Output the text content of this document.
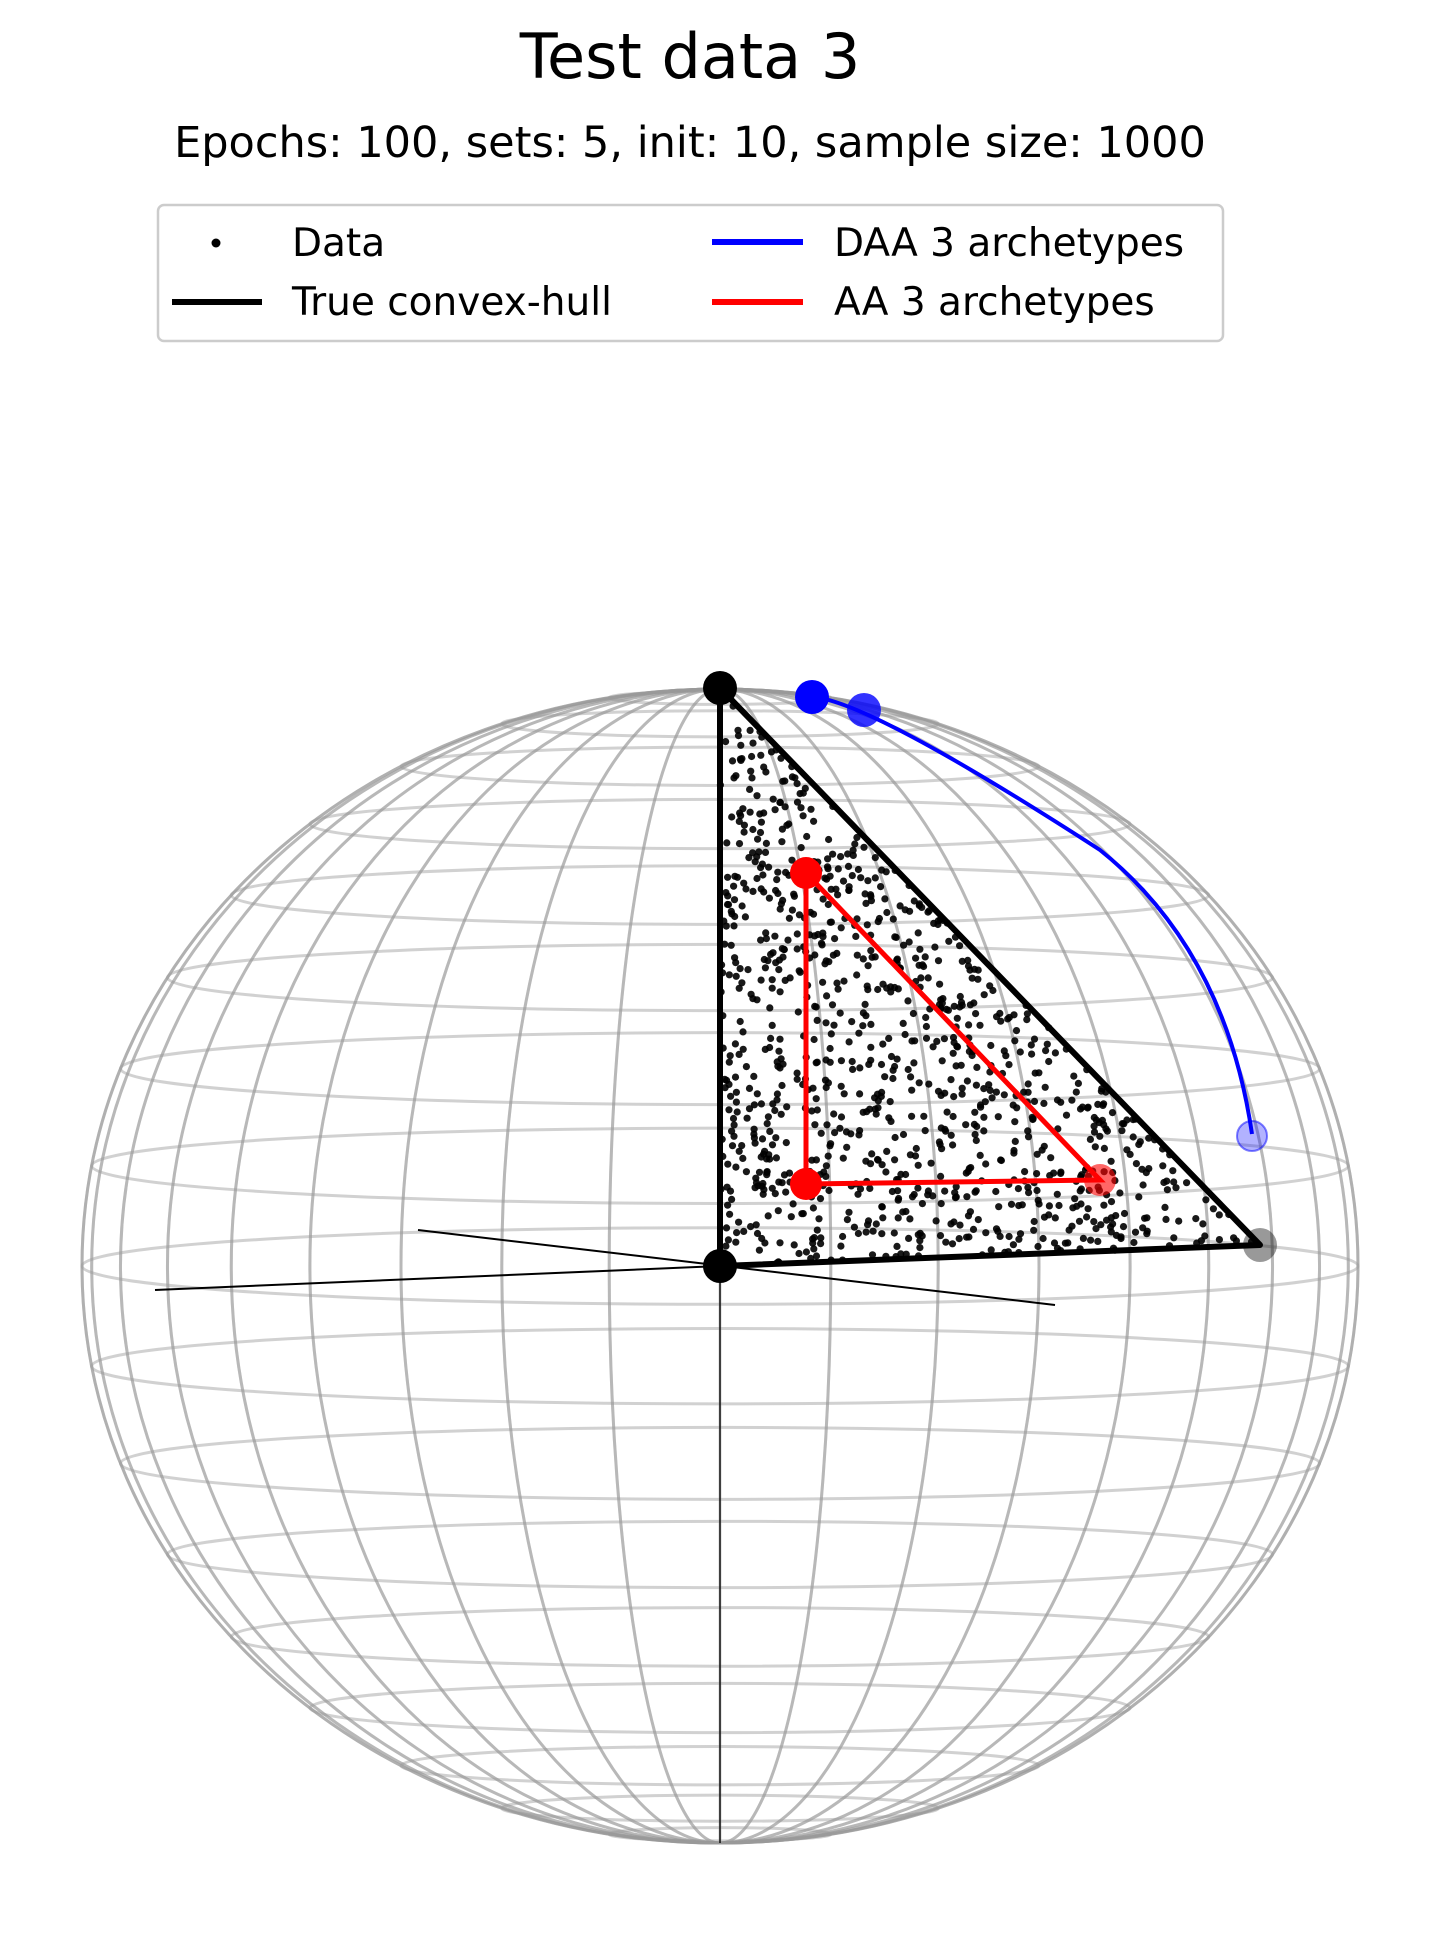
Test data 3
Epochs: 100, sets: 5, init: 10, sample size: 1000
Data
True convex-hull
DAA 3 archetypes
AA 3 archetypes
